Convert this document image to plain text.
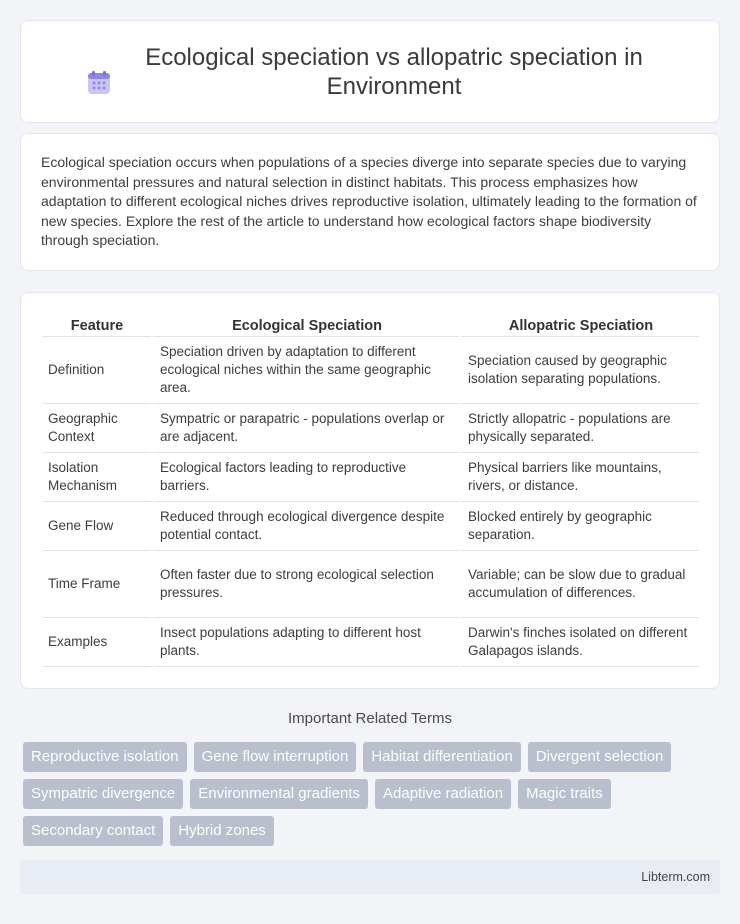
Ecological speciation vs allopatric speciation in Environment

Ecological speciation occurs when populations of a species diverge into separate species due to varying environmental pressures and natural selection in distinct habitats. This process emphasizes how adaptation to different ecological niches drives reproductive isolation, ultimately leading to the formation of new species. Explore the rest of the article to understand how ecological factors shape biodiversity through speciation.

Feature	Ecological Speciation	Allopatric Speciation
Definition	Speciation driven by adaptation to different ecological niches within the same geographic area.	Speciation caused by geographic isolation separating populations.
Geographic Context	Sympatric or parapatric - populations overlap or are adjacent.	Strictly allopatric - populations are physically separated.
Isolation Mechanism	Ecological factors leading to reproductive barriers.	Physical barriers like mountains, rivers, or distance.
Gene Flow	Reduced through ecological divergence despite potential contact.	Blocked entirely by geographic separation.
Time Frame	Often faster due to strong ecological selection pressures.	Variable; can be slow due to gradual accumulation of differences.
Examples	Insect populations adapting to different host plants.	Darwin's finches isolated on different Galapagos islands.
Important Related Terms
Reproductive isolation	Gene flow interruption	Habitat differentiation	Divergent selection
Sympatric divergence	Environmental gradients	Adaptive radiation	Magic traits
Secondary contact	Hybrid zones
Libterm.com
